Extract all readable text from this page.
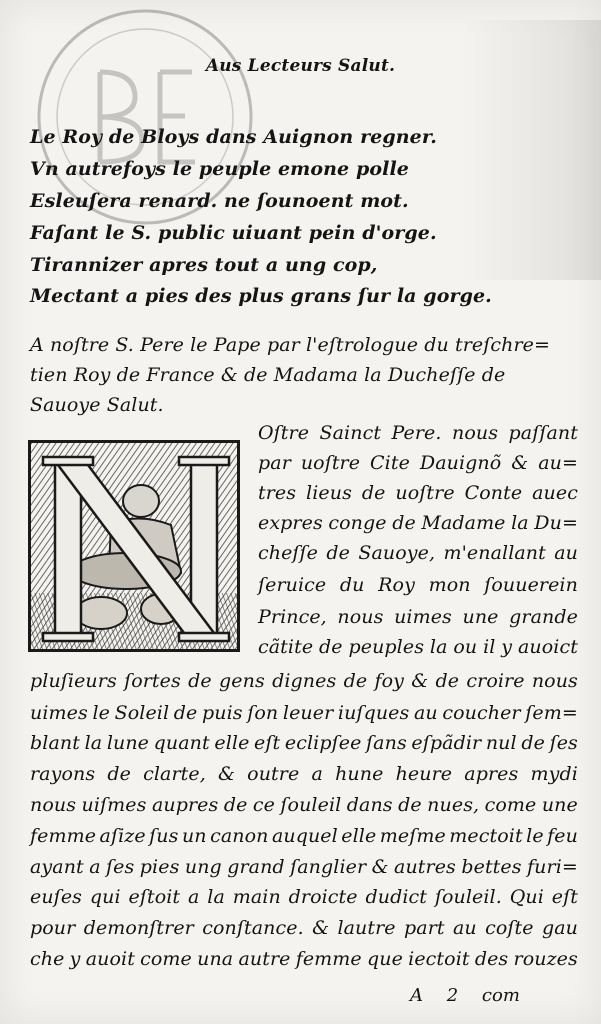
Aus Lecteurs Salut.
Le Roy de Bloys dans Auignon regner.
Vn autrefoys le peuple emone polle
Esleuſera renard. ne ſounoent mot.
Faſant le S. public uiuant pein d'orge.
Tirannizer apres tout a ung cop,
Mectant a pies des plus grans ſur la gorge.
A noſtre S. Pere le Pape par l'eſtrologue du treſchre=
tien Roy de France & de Madama la Ducheſſe de
Sauoye Salut.
Oſtre Sainct Pere. nous paſſant
par uoſtre Cite Dauignõ & au=
tres lieus de uoſtre Conte auec
expres conge de Madame la Du=
cheſſe de Sauoye, m'enallant au
ſeruice du Roy mon ſouuerein
Prince, nous uimes une grande
cãtite de peuples la ou il y auoict
pluſieurs ſortes de gens dignes de foy & de croire nous
uimes le Soleil de puis ſon leuer iuſques au coucher ſem=
blant la lune quant elle eſt eclipſee ſans eſpãdir nul de ſes
rayons de clarte, & outre a hune heure apres mydi
nous uiſmes aupres de ce ſouleil dans de nues, come une
femme aſize ſus un canon auquel elle meſme mectoit le feu
ayant a ſes pies ung grand ſanglier & autres bettes furi=
euſes qui eſtoit a la main droicte dudict ſouleil. Qui eſt
pour demonſtrer conſtance. & lautre part au coſte gau
che y auoit come una autre femme que iectoit des rouzes
A 2 com
